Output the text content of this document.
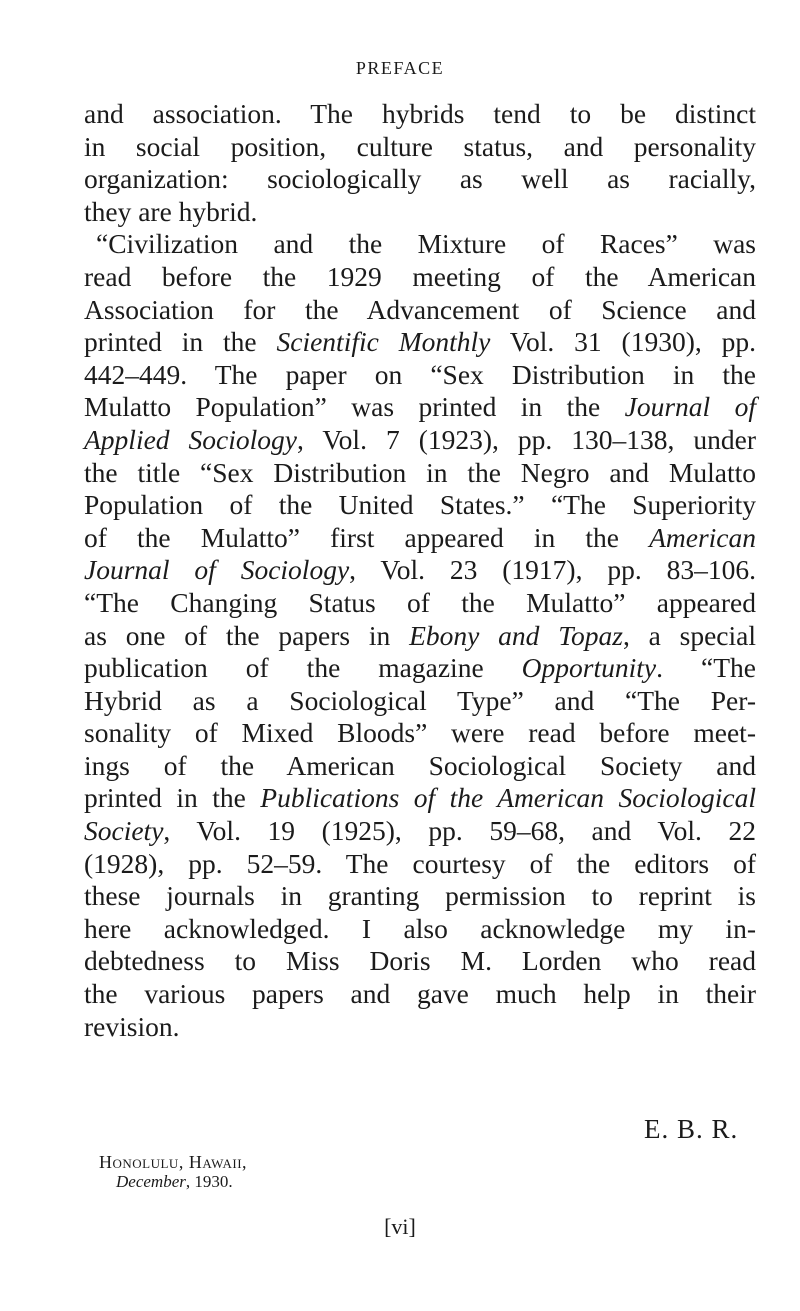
PREFACE
and association. The hybrids tend to be distinct
in social position, culture status, and personality
organization: sociologically as well as racially,
they are hybrid.
“Civilization and the Mixture of Races” was
read before the 1929 meeting of the American
Association for the Advancement of Science and
printed in the Scientific Monthly Vol. 31 (1930), pp.
442–449. The paper on “Sex Distribution in the
Mulatto Population” was printed in the Journal of
Applied Sociology, Vol. 7 (1923), pp. 130–138, under
the title “Sex Distribution in the Negro and Mulatto
Population of the United States.” “The Superiority
of the Mulatto” first appeared in the American
Journal of Sociology, Vol. 23 (1917), pp. 83–106.
“The Changing Status of the Mulatto” appeared
as one of the papers in Ebony and Topaz, a special
publication of the magazine Opportunity. “The
Hybrid as a Sociological Type” and “The Per-
sonality of Mixed Bloods” were read before meet-
ings of the American Sociological Society and
printed in the Publications of the American Sociological
Society, Vol. 19 (1925), pp. 59–68, and Vol. 22
(1928), pp. 52–59. The courtesy of the editors of
these journals in granting permission to reprint is
here acknowledged. I also acknowledge my in-
debtedness to Miss Doris M. Lorden who read
the various papers and gave much help in their
revision.
E. B. R.
Honolulu, Hawaii,
December, 1930.
[vi]
